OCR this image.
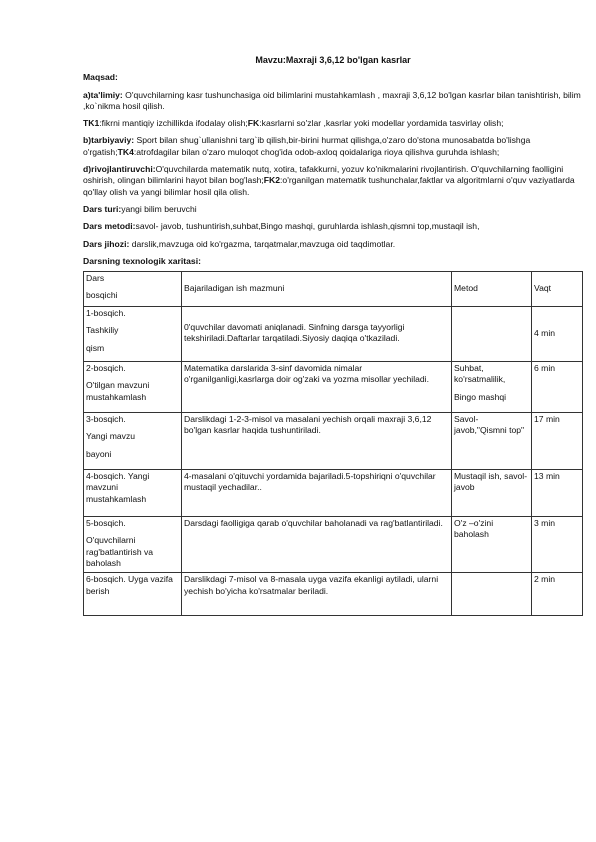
Mavzu:Maxraji 3,6,12 bo'lgan kasrlar

Maqsad:

a)ta'limiy: O'quvchilarning kasr tushunchasiga oid bilimlarini mustahkamlash , maxraji 3,6,12 bo'lgan kasrlar bilan tanishtirish, bilim ,ko`nikma hosil qilish.

TK1:fikrni mantiqiy izchillikda ifodalay olish;FK:kasrlarni so'zlar ,kasrlar yoki modellar yordamida tasvirlay olish;

b)tarbiyaviy: Sport bilan shug`ullanishni targ`ib qilish,bir-birini hurmat qilishga,o'zaro do'stona munosabatda bo'lishga o'rgatish;TK4:atrofdagilar bilan o'zaro muloqot chog'ida odob-axloq qoidalariga rioya qilishva guruhda ishlash;

d)rivojlantiruvchi:O'quvchilarda matematik nutq, xotira, tafakkurni, yozuv ko'nikmalarini rivojlantirish. O'quvchilarning faolligini oshirish, olingan bilimlarini hayot bilan bog'lash;FK2:o'rganilgan matematik tushunchalar,faktlar va algoritmlarni o'quv vaziyatlarda qo'llay olish va yangi bilimlar hosil qila olish.

Dars turi:yangi bilim beruvchi

Dars metodi:savol- javob, tushuntirish,suhbat,Bingo mashqi, guruhlarda ishlash,qismni top,mustaqil ish,

Dars jihozi: darslik,mavzuga oid ko'rgazma, tarqatmalar,mavzuga oid taqdimotlar.

Darsning texnologik xaritasi:

Dars
bosqichi	Bajariladigan ish mazmuni	Metod	Vaqt

1-bosqich.
Tashkiliy
qism	0'quvchilar davomati aniqlanadi. Sinfning darsga tayyorligi tekshiriladi.Daftarlar tarqatiladi.Siyosiy daqiqa o'tkaziladi.		4 min

2-bosqich.
O'tilgan mavzuni mustahkamlash	Matematika darslarida 3-sinf davomida nimalar o'rganilganligi,kasrlarga doir og'zaki va yozma misollar yechiladi.	Suhbat, ko'rsatmalilik,
Bingo mashqi	6 min

3-bosqich.
Yangi mavzu
bayoni	Darslikdagi 1-2-3-misol va masalani yechish orqali maxraji 3,6,12 bo'lgan kasrlar haqida tushuntiriladi.	Savol-javob,"Qismni top"	17 min

4-bosqich. Yangi mavzuni mustahkamlash	4-masalani o'qituvchi yordamida bajariladi.5-topshiriqni o'quvchilar mustaqil yechadilar..	Mustaqil ish, savol- javob	13 min

5-bosqich.
O'quvchilarni rag'batlantirish va baholash	Darsdagi faolligiga qarab o'quvchilar baholanadi va rag'batlantiriladi.	O'z –o'zini baholash	3 min

6-bosqich. Uyga vazifa berish	Darslikdagi 7-misol va 8-masala uyga vazifa ekanligi aytiladi, ularni yechish bo'yicha ko'rsatmalar beriladi.		2 min
